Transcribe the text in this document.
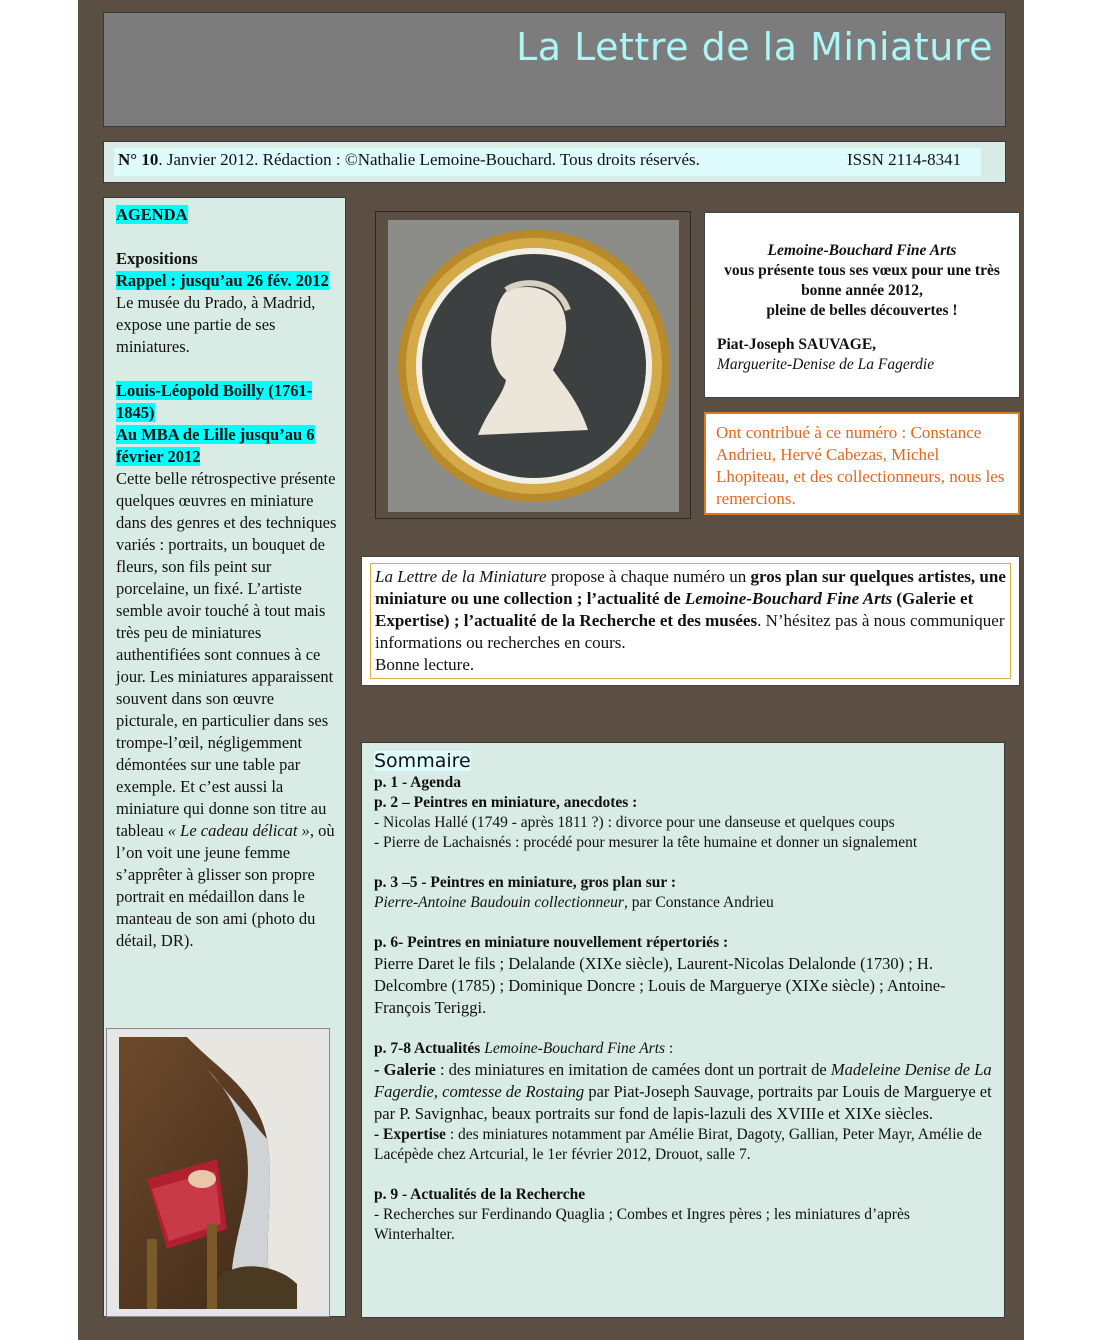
La Lettre de la Miniature
N° 10. Janvier 2012. Rédaction : ©Nathalie Lemoine-Bouchard. Tous droits réservés.	ISSN 2114-8341

AGENDA

Expositions

Rappel : jusqu’au 26 fév. 2012 Le musée du Prado, à Madrid, expose une partie de ses miniatures.

Louis-Léopold Boilly (1761-1845)

Au MBA de Lille jusqu’au 6 février 2012

Cette belle rétrospective présente quelques œuvres en miniature dans des genres et des techniques variés : portraits, un bouquet de fleurs, son fils peint sur porcelaine, un fixé. L’artiste semble avoir touché à tout mais très peu de miniatures authentifiées sont connues à ce jour. Les miniatures apparaissent souvent dans son œuvre picturale, en particulier dans ses trompe-l’œil, négligemment démontées sur une table par exemple. Et c’est aussi la miniature qui donne son titre au tableau « Le cadeau délicat », où l’on voit une jeune femme s’apprêter à glisser son propre portrait en médaillon dans le manteau de son ami (photo du détail, DR).

Lemoine-Bouchard Fine Arts
vous présente tous ses vœux pour une très bonne année 2012,
pleine de belles découvertes !
Piat-Joseph SAUVAGE,
Marguerite-Denise de La Fagerdie
Ont contribué à ce numéro : Constance Andrieu, Hervé Cabezas, Michel Lhopiteau, et des collectionneurs, nous les remercions.
La Lettre de la Miniature propose à chaque numéro un gros plan sur quelques artistes, une miniature ou une collection ; l’actualité de Lemoine-Bouchard Fine Arts (Galerie et Expertise) ; l’actualité de la Recherche et des musées. N’hésitez pas à nous communiquer informations ou recherches en cours.
Bonne lecture.
Sommaire

p. 1 - Agenda

p. 2 – Peintres en miniature, anecdotes :

- Nicolas Hallé (1749 - après 1811 ?) : divorce pour une danseuse et quelques coups

- Pierre de Lachaisnés : procédé pour mesurer la tête humaine et donner un signalement

p. 3 –5 - Peintres en miniature, gros plan sur :

Pierre-Antoine Baudouin collectionneur, par Constance Andrieu

p. 6- Peintres en miniature nouvellement répertoriés :

Pierre Daret le fils ; Delalande (XIXe siècle), Laurent-Nicolas Delalonde (1730) ; H. Delcombre (1785) ; Dominique Doncre ; Louis de Marguerye (XIXe siècle) ; Antoine-François Teriggi.

p. 7-8 Actualités Lemoine-Bouchard Fine Arts :

- Galerie : des miniatures en imitation de camées dont un portrait de Madeleine Denise de La Fagerdie, comtesse de Rostaing par Piat-Joseph Sauvage, portraits par Louis de Marguerye et par P. Savignhac, beaux portraits sur fond de lapis-lazuli des XVIIIe et XIXe siècles.

- Expertise : des miniatures notamment par Amélie Birat, Dagoty, Gallian, Peter Mayr, Amélie de Lacépède chez Artcurial, le 1er février 2012, Drouot, salle 7.

p. 9 - Actualités de la Recherche

- Recherches sur Ferdinando Quaglia ; Combes et Ingres pères ; les miniatures d’après Winterhalter.
